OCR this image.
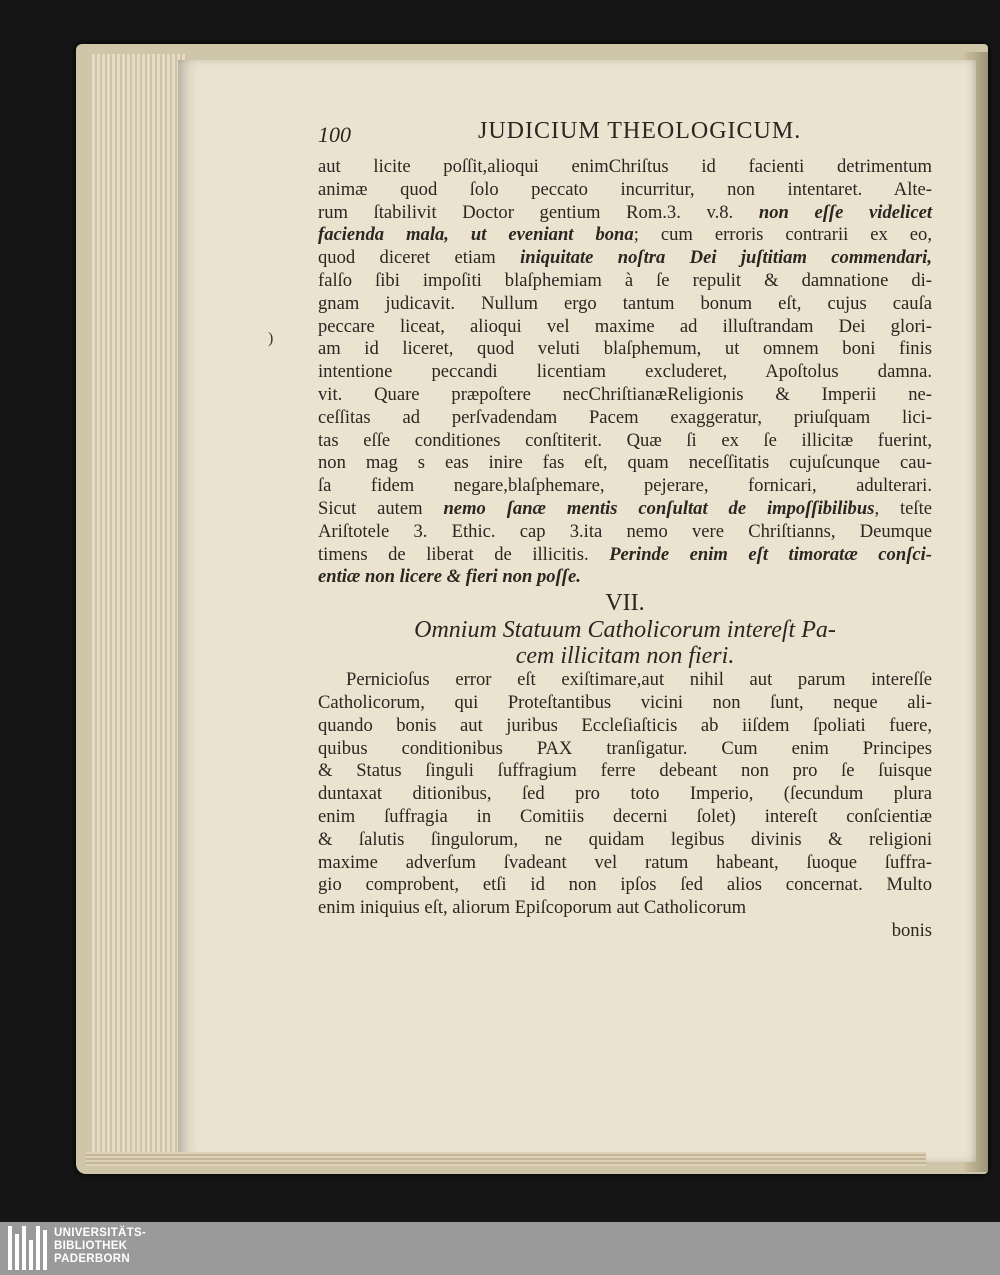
)
100	JUDICIUM THEOLOGICUM.
aut licite poſſit,alioqui enimChriſtus id facienti detrimentum
animæ quod ſolo peccato incurritur, non intentaret. Alte-
rum ſtabilivit Doctor gentium Rom.3. v.8. non eſſe videlicet
facienda mala, ut eveniant bona; cum erroris contrarii ex eo,
quod diceret etiam iniquitate noſtra Dei juſtitiam commendari,
falſo ſibi impoſiti blaſphemiam à ſe repulit & damnatione di-
gnam judicavit. Nullum ergo tantum bonum eſt, cujus cauſa
peccare liceat, alioqui vel maxime ad illuſtrandam Dei glori-
am id liceret, quod veluti blaſphemum, ut omnem boni finis
intentione peccandi licentiam excluderet, Apoſtolus damna.
vit. Quare præpoſtere necChriſtianæReligionis & Imperii ne-
ceſſitas ad perſvadendam Pacem exaggeratur, priuſquam lici-
tas eſſe conditiones conſtiterit. Quæ ſi ex ſe illicitæ fuerint,
non mag s eas inire fas eſt, quam neceſſitatis cujuſcunque cau-
ſa fidem negare,blaſphemare, pejerare, fornicari, adulterari.
Sicut autem nemo ſanæ mentis conſultat de impoſſibilibus, teſte
Ariſtotele 3. Ethic. cap 3.ita nemo vere Chriſtianns, Deumque
timens de liberat de illicitis. Perinde enim eſt timoratæ conſci-
entiæ non licere & fieri non poſſe.
VII.
Omnium Statuum Catholicorum intereſt Pa-
cem illicitam non fieri.
Pernicioſus error eſt exiſtimare,aut nihil aut parum intereſſe
Catholicorum, qui Proteſtantibus vicini non ſunt, neque ali-
quando bonis aut juribus Eccleſiaſticis ab iiſdem ſpoliati fuere,
quibus conditionibus PAX tranſigatur. Cum enim Principes
& Status ſinguli ſuffragium ferre debeant non pro ſe ſuisque
duntaxat ditionibus, ſed pro toto Imperio, (ſecundum plura
enim ſuffragia in Comitiis decerni ſolet) intereſt conſcientiæ
& ſalutis ſingulorum, ne quidam legibus divinis & religioni
maxime adverſum ſvadeant vel ratum habeant, ſuoque ſuffra-
gio comprobent, etſi id non ipſos ſed alios concernat. Multo
enim iniquius eſt, aliorum Epiſcoporum aut Catholicorum
bonis
UNIVERSITÄTS-
BIBLIOTHEK
PADERBORN
